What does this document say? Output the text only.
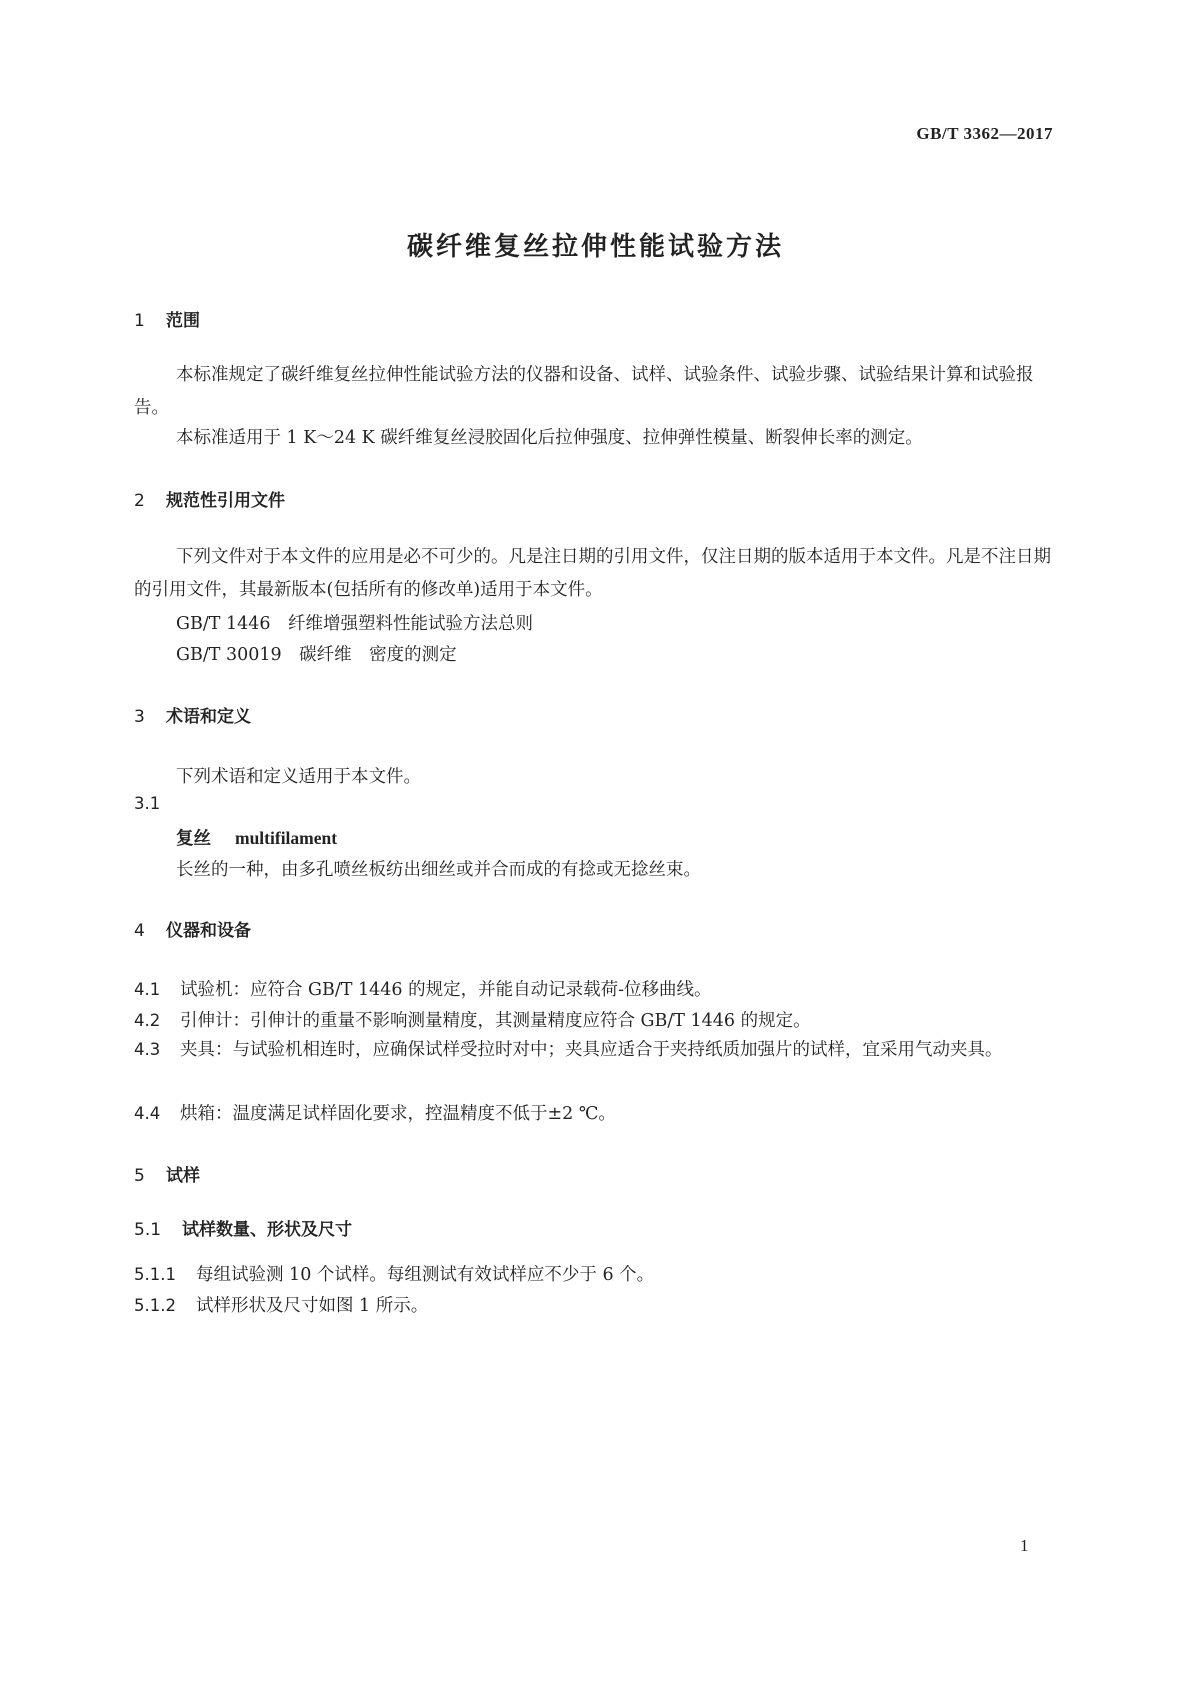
GB/T 3362—2017
碳纤维复丝拉伸性能试验方法
1 范围
本标准规定了碳纤维复丝拉伸性能试验方法的仪器和设备、试样、试验条件、试验步骤、试验结果计算和试验报告。
本标准适用于 1 K～24 K 碳纤维复丝浸胶固化后拉伸强度、拉伸弹性模量、断裂伸长率的测定。
2 规范性引用文件
下列文件对于本文件的应用是必不可少的。凡是注日期的引用文件，仅注日期的版本适用于本文件。凡是不注日期的引用文件，其最新版本(包括所有的修改单)适用于本文件。
GB/T 1446　纤维增强塑料性能试验方法总则
GB/T 30019　碳纤维　密度的测定
3 术语和定义
下列术语和定义适用于本文件。
3.1
复丝 multifilament
长丝的一种，由多孔喷丝板纺出细丝或并合而成的有捻或无捻丝束。
4 仪器和设备
4.1 试验机：应符合 GB/T 1446 的规定，并能自动记录载荷-位移曲线。
4.2 引伸计：引伸计的重量不影响测量精度，其测量精度应符合 GB/T 1446 的规定。
4.3 夹具：与试验机相连时，应确保试样受拉时对中；夹具应适合于夹持纸质加强片的试样，宜采用气动夹具。
4.4 烘箱：温度满足试样固化要求，控温精度不低于±2 ℃。
5 试样
5.1 试样数量、形状及尺寸
5.1.1 每组试验测 10 个试样。每组测试有效试样应不少于 6 个。
5.1.2 试样形状及尺寸如图 1 所示。
1
